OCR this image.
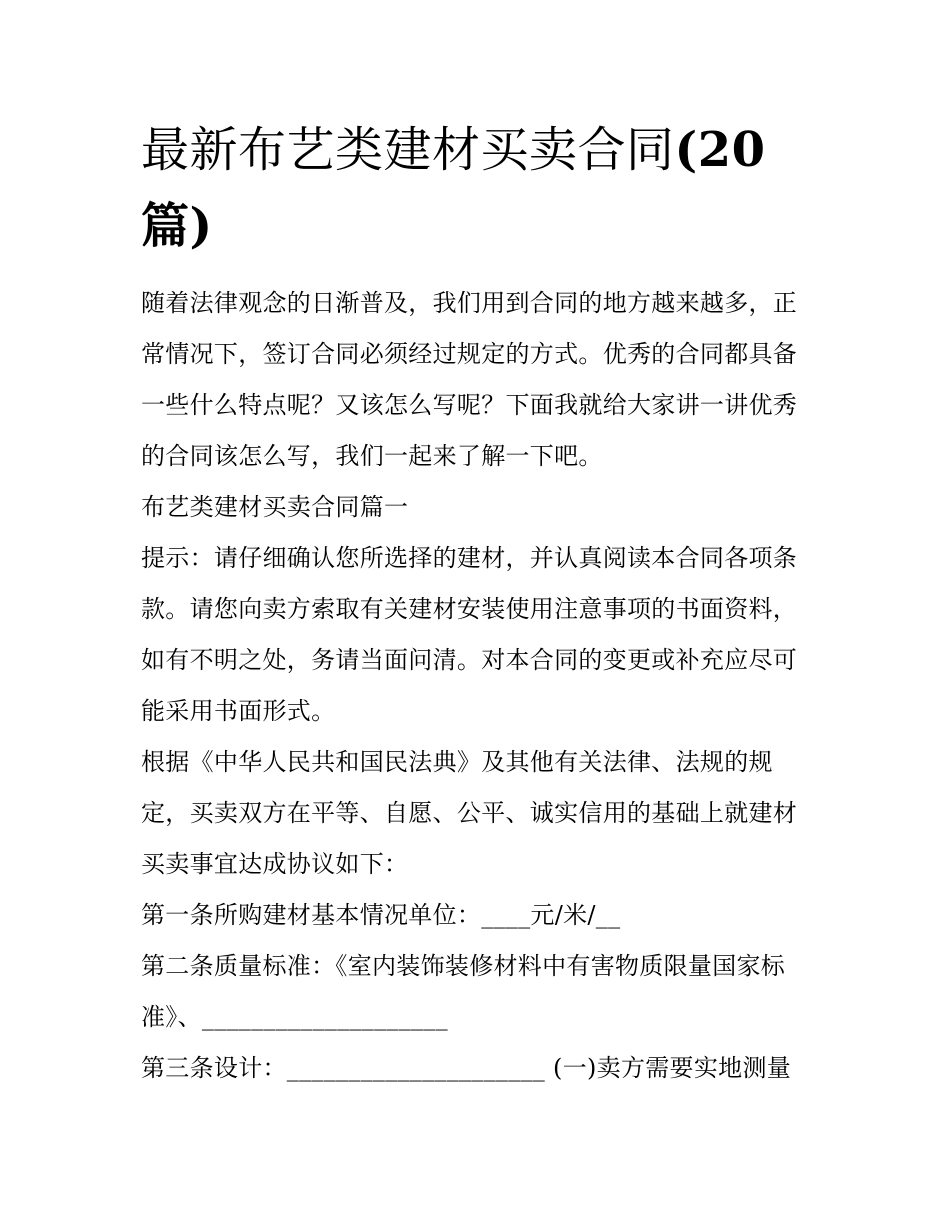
最新布艺类建材买卖合同(20
篇)

随着法律观念的日渐普及，我们用到合同的地方越来越多，正常情况下，签订合同必须经过规定的方式。优秀的合同都具备一些什么特点呢？又该怎么写呢？下面我就给大家讲一讲优秀的合同该怎么写，我们一起来了解一下吧。

布艺类建材买卖合同篇一

提示：请仔细确认您所选择的建材，并认真阅读本合同各项条款。请您向卖方索取有关建材安装使用注意事项的书面资料，如有不明之处，务请当面问清。对本合同的变更或补充应尽可能采用书面形式。

根据《中华人民共和国民法典》及其他有关法律、法规的规定，买卖双方在平等、自愿、公平、诚实信用的基础上就建材买卖事宜达成协议如下：

第一条所购建材基本情况单位：____元/米/__

第二条质量标准：《室内装饰装修材料中有害物质限量国家标准》、____________________

第三条设计：_____________________ (一)卖方需要实地测量
